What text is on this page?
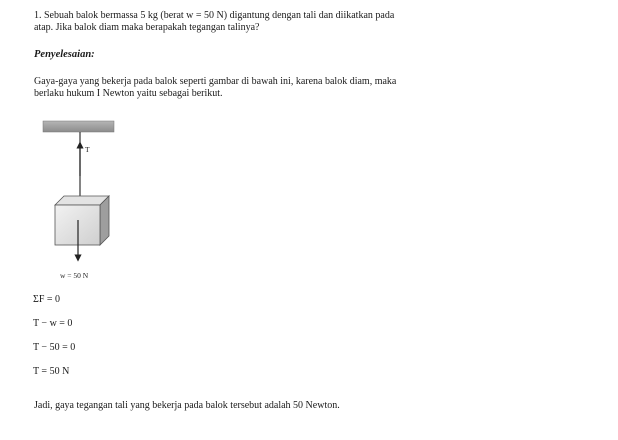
1. Sebuah balok bermassa 5 kg (berat w = 50 N) digantung dengan tali dan diikatkan pada
atap. Jika balok diam maka berapakah tegangan talinya?
Penyelesaian:
Gaya-gaya yang bekerja pada balok seperti gambar di bawah ini, karena balok diam, maka
berlaku hukum I Newton yaitu sebagai berikut.
T
w = 50 N
ΣF = 0
T − w = 0
T − 50 = 0
T = 50 N
Jadi, gaya tegangan tali yang bekerja pada balok tersebut adalah 50 Newton.
